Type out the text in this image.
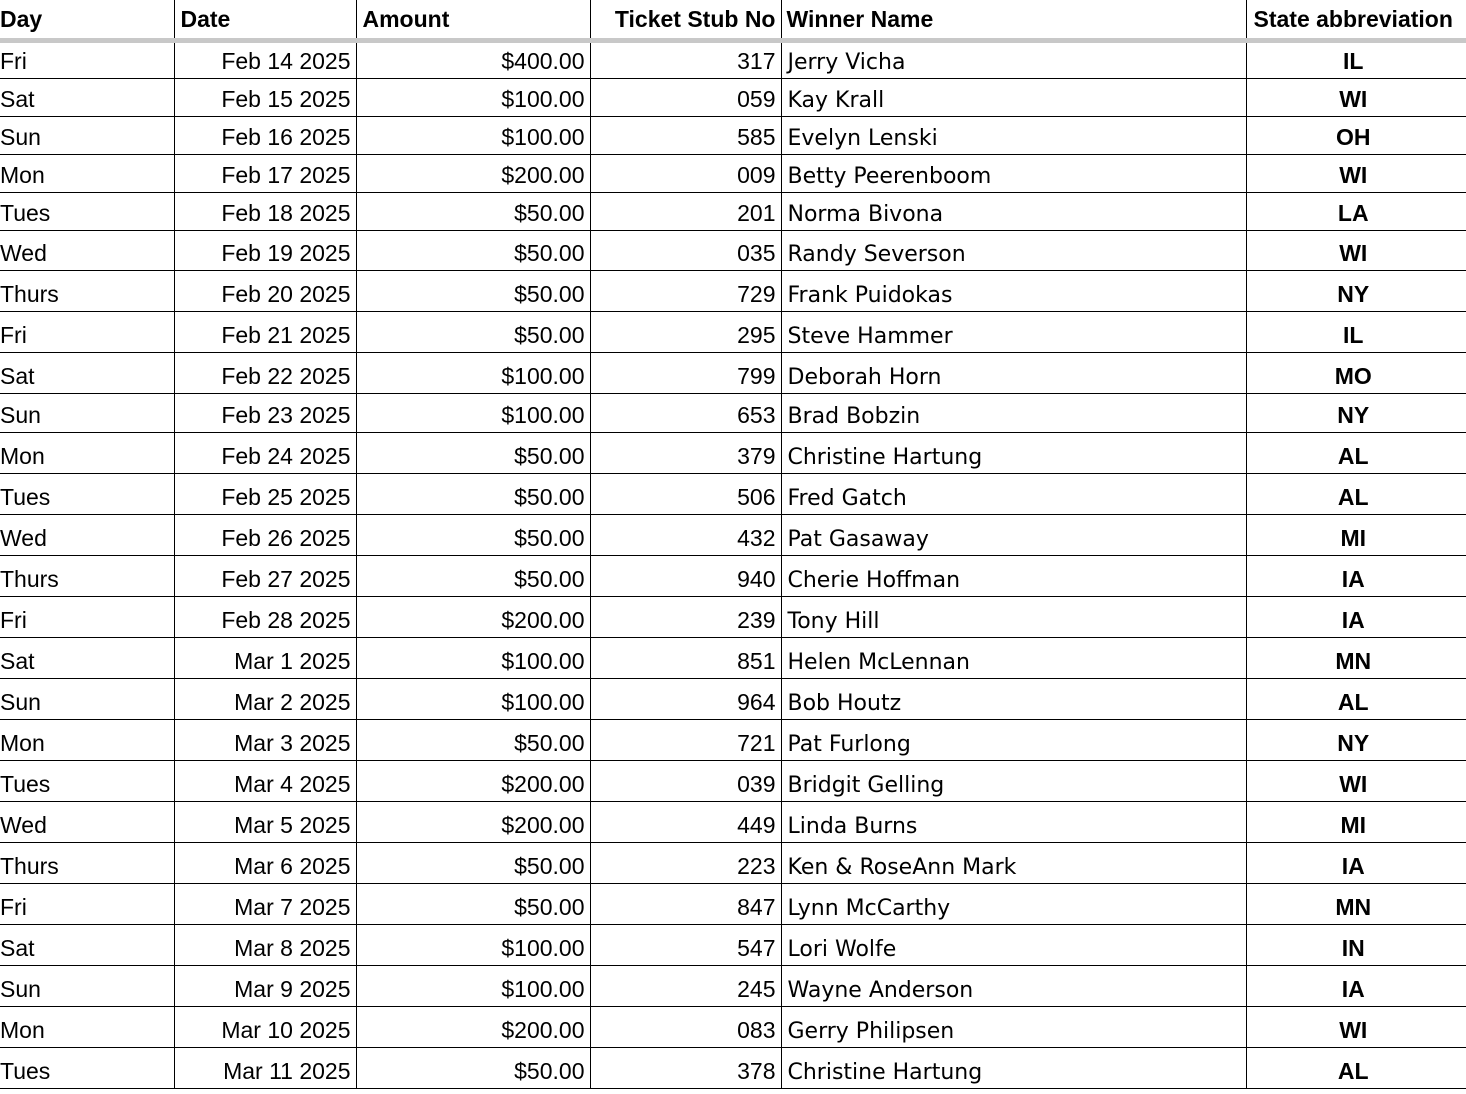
Day	Date	Amount	Ticket Stub No	Winner Name	State abbreviation
Fri	Feb 14 2025	$400.00	317	Jerry Vicha	IL
Sat	Feb 15 2025	$100.00	059	Kay Krall	WI
Sun	Feb 16 2025	$100.00	585	Evelyn Lenski	OH
Mon	Feb 17 2025	$200.00	009	Betty Peerenboom	WI
Tues	Feb 18 2025	$50.00	201	Norma Bivona	LA
Wed	Feb 19 2025	$50.00	035	Randy Severson	WI
Thurs	Feb 20 2025	$50.00	729	Frank Puidokas	NY
Fri	Feb 21 2025	$50.00	295	Steve Hammer	IL
Sat	Feb 22 2025	$100.00	799	Deborah Horn	MO
Sun	Feb 23 2025	$100.00	653	Brad Bobzin	NY
Mon	Feb 24 2025	$50.00	379	Christine Hartung	AL
Tues	Feb 25 2025	$50.00	506	Fred Gatch	AL
Wed	Feb 26 2025	$50.00	432	Pat Gasaway	MI
Thurs	Feb 27 2025	$50.00	940	Cherie Hoffman	IA
Fri	Feb 28 2025	$200.00	239	Tony Hill	IA
Sat	Mar 1 2025	$100.00	851	Helen McLennan	MN
Sun	Mar 2 2025	$100.00	964	Bob Houtz	AL
Mon	Mar 3 2025	$50.00	721	Pat Furlong	NY
Tues	Mar 4 2025	$200.00	039	Bridgit Gelling	WI
Wed	Mar 5 2025	$200.00	449	Linda Burns	MI
Thurs	Mar 6 2025	$50.00	223	Ken & RoseAnn Mark	IA
Fri	Mar 7 2025	$50.00	847	Lynn McCarthy	MN
Sat	Mar 8 2025	$100.00	547	Lori Wolfe	IN
Sun	Mar 9 2025	$100.00	245	Wayne Anderson	IA
Mon	Mar 10 2025	$200.00	083	Gerry Philipsen	WI
Tues	Mar 11 2025	$50.00	378	Christine Hartung	AL
